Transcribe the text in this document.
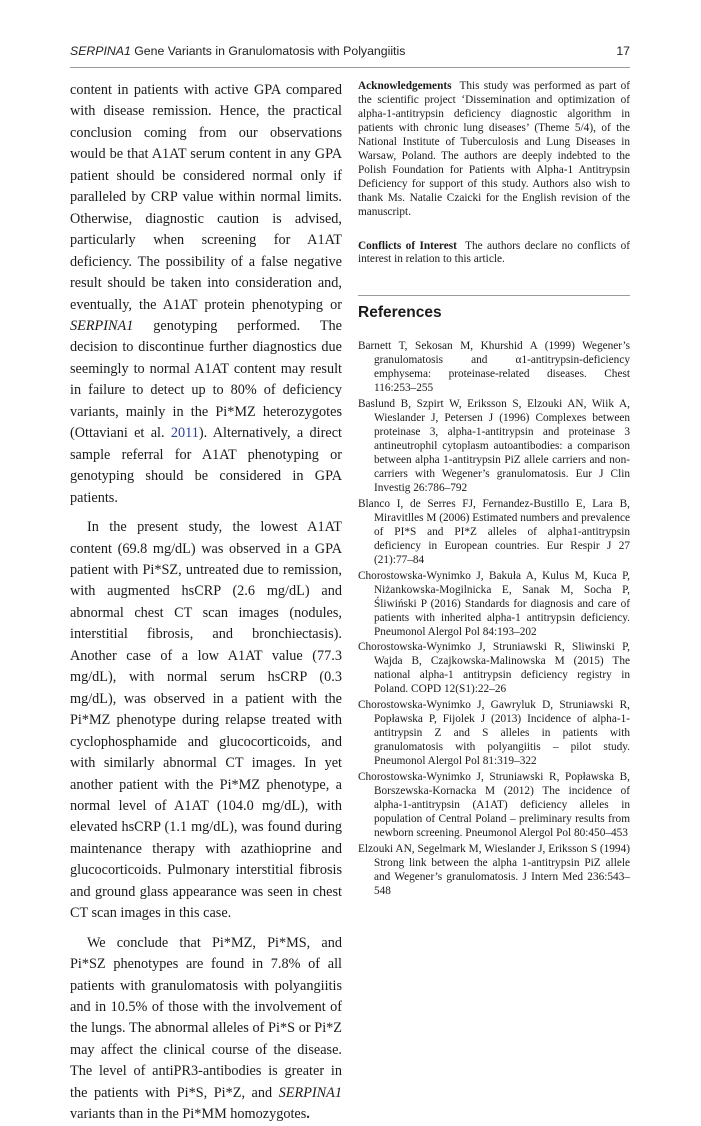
SERPINA1 Gene Variants in Granulomatosis with Polyangiitis	17

content in patients with active GPA compared with disease remission. Hence, the practical conclusion coming from our observations would be that A1AT serum content in any GPA patient should be considered normal only if paralleled by CRP value within normal limits. Otherwise, diagnostic caution is advised, particularly when screening for A1AT deficiency. The possibility of a false negative result should be taken into consideration and, eventually, the A1AT protein phenotyping or SERPINA1 genotyping performed. The decision to discontinue further diagnostics due seemingly to normal A1AT content may result in failure to detect up to 80% of deficiency variants, mainly in the Pi*MZ heterozygotes (Ottaviani et al. 2011). Alternatively, a direct sample referral for A1AT phenotyping or genotyping should be considered in GPA patients.

In the present study, the lowest A1AT content (69.8 mg/dL) was observed in a GPA patient with Pi*SZ, untreated due to remission, with augmented hsCRP (2.6 mg/dL) and abnormal chest CT scan images (nodules, interstitial fibrosis, and bronchiectasis). Another case of a low A1AT value (77.3 mg/dL), with normal serum hsCRP (0.3 mg/dL), was observed in a patient with the Pi*MZ phenotype during relapse treated with cyclophosphamide and glucocorticoids, and with similarly abnormal CT images. In yet another patient with the Pi*MZ phenotype, a normal level of A1AT (104.0 mg/dL), with elevated hsCRP (1.1 mg/dL), was found during maintenance therapy with azathioprine and glucocorticoids. Pulmonary interstitial fibrosis and ground glass appearance was seen in chest CT scan images in this case.

We conclude that Pi*MZ, Pi*MS, and Pi*SZ phenotypes are found in 7.8% of all patients with granulomatosis with polyangiitis and in 10.5% of those with the involvement of the lungs. The abnormal alleles of Pi*S or Pi*Z may affect the clinical course of the disease. The level of antiPR3-antibodies is greater in the patients with Pi*S, Pi*Z, and SERPINA1 variants than in the Pi*MM homozygotes.

Acknowledgements This study was performed as part of the scientific project ‘Dissemination and optimization of alpha-1-antitrypsin deficiency diagnostic algorithm in patients with chronic lung diseases’ (Theme 5/4), of the National Institute of Tuberculosis and Lung Diseases in Warsaw, Poland. The authors are deeply indebted to the Polish Foundation for Patients with Alpha-1 Antitrypsin Deficiency for support of this study. Authors also wish to thank Ms. Natalie Czaicki for the English revision of the manuscript.

Conflicts of Interest The authors declare no conflicts of interest in relation to this article.

References
Barnett T, Sekosan M, Khurshid A (1999) Wegener’s granulomatosis and α1-antitrypsin-deficiency emphysema: proteinase-related diseases. Chest 116:253–255
Baslund B, Szpirt W, Eriksson S, Elzouki AN, Wiik A, Wieslander J, Petersen J (1996) Complexes between proteinase 3, alpha-1-antitrypsin and proteinase 3 antineutrophil cytoplasm autoantibodies: a comparison between alpha 1-antitrypsin PiZ allele carriers and non-carriers with Wegener’s granulomatosis. Eur J Clin Investig 26:786–792
Blanco I, de Serres FJ, Fernandez-Bustillo E, Lara B, Miravitlles M (2006) Estimated numbers and prevalence of PI*S and PI*Z alleles of alpha1-antitrypsin deficiency in European countries. Eur Respir J 27 (21):77–84
Chorostowska-Wynimko J, Bakuła A, Kulus M, Kuca P, Niżankowska-Mogilnicka E, Sanak M, Socha P, Śliwiński P (2016) Standards for diagnosis and care of patients with inherited alpha-1 antitrypsin deficiency. Pneumonol Alergol Pol 84:193–202
Chorostowska-Wynimko J, Struniawski R, Sliwinski P, Wajda B, Czajkowska-Malinowska M (2015) The national alpha-1 antitrypsin deficiency registry in Poland. COPD 12(S1):22–26
Chorostowska-Wynimko J, Gawryluk D, Struniawski R, Popławska P, Fijolek J (2013) Incidence of alpha-1-antitrypsin Z and S alleles in patients with granulomatosis with polyangiitis – pilot study. Pneumonol Alergol Pol 81:319–322
Chorostowska-Wynimko J, Struniawski R, Popławska B, Borszewska-Kornacka M (2012) The incidence of alpha-1-antitrypsin (A1AT) deficiency alleles in population of Central Poland – preliminary results from newborn screening. Pneumonol Alergol Pol 80:450–453
Elzouki AN, Segelmark M, Wieslander J, Eriksson S (1994) Strong link between the alpha 1-antitrypsin PiZ allele and Wegener’s granulomatosis. J Intern Med 236:543–548
